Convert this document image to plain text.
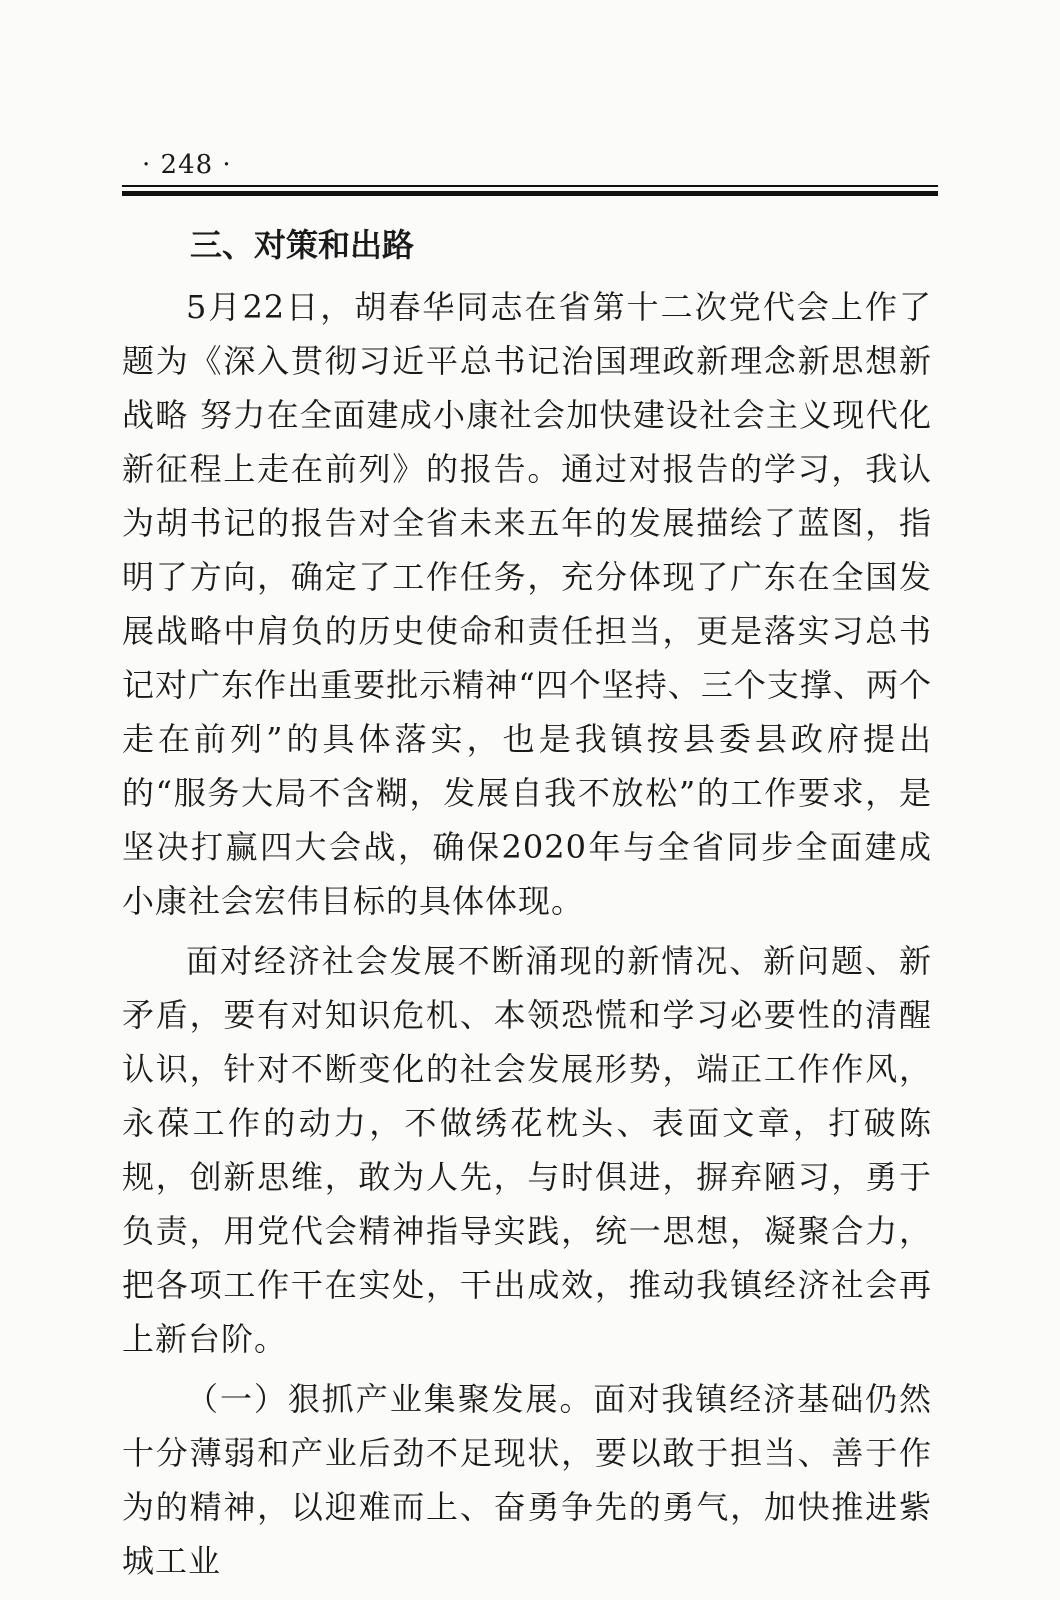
· 248 ·
三、对策和出路

5月22日，胡春华同志在省第十二次党代会上作了题为《深入贯彻习近平总书记治国理政新理念新思想新战略 努力在全面建成小康社会加快建设社会主义现代化新征程上走在前列》的报告。通过对报告的学习，我认为胡书记的报告对全省未来五年的发展描绘了蓝图，指明了方向，确定了工作任务，充分体现了广东在全国发展战略中肩负的历史使命和责任担当，更是落实习总书记对广东作出重要批示精神“四个坚持、三个支撑、两个走在前列”的具体落实，也是我镇按县委县政府提出的“服务大局不含糊，发展自我不放松”的工作要求，是坚决打赢四大会战，确保2020年与全省同步全面建成小康社会宏伟目标的具体体现。

面对经济社会发展不断涌现的新情况、新问题、新矛盾，要有对知识危机、本领恐慌和学习必要性的清醒认识，针对不断变化的社会发展形势，端正工作作风，永葆工作的动力，不做绣花枕头、表面文章，打破陈规，创新思维，敢为人先，与时俱进，摒弃陋习，勇于负责，用党代会精神指导实践，统一思想，凝聚合力，把各项工作干在实处，干出成效，推动我镇经济社会再上新台阶。

（一）狠抓产业集聚发展。面对我镇经济基础仍然十分薄弱和产业后劲不足现状，要以敢于担当、善于作为的精神，以迎难而上、奋勇争先的勇气，加快推进紫城工业
